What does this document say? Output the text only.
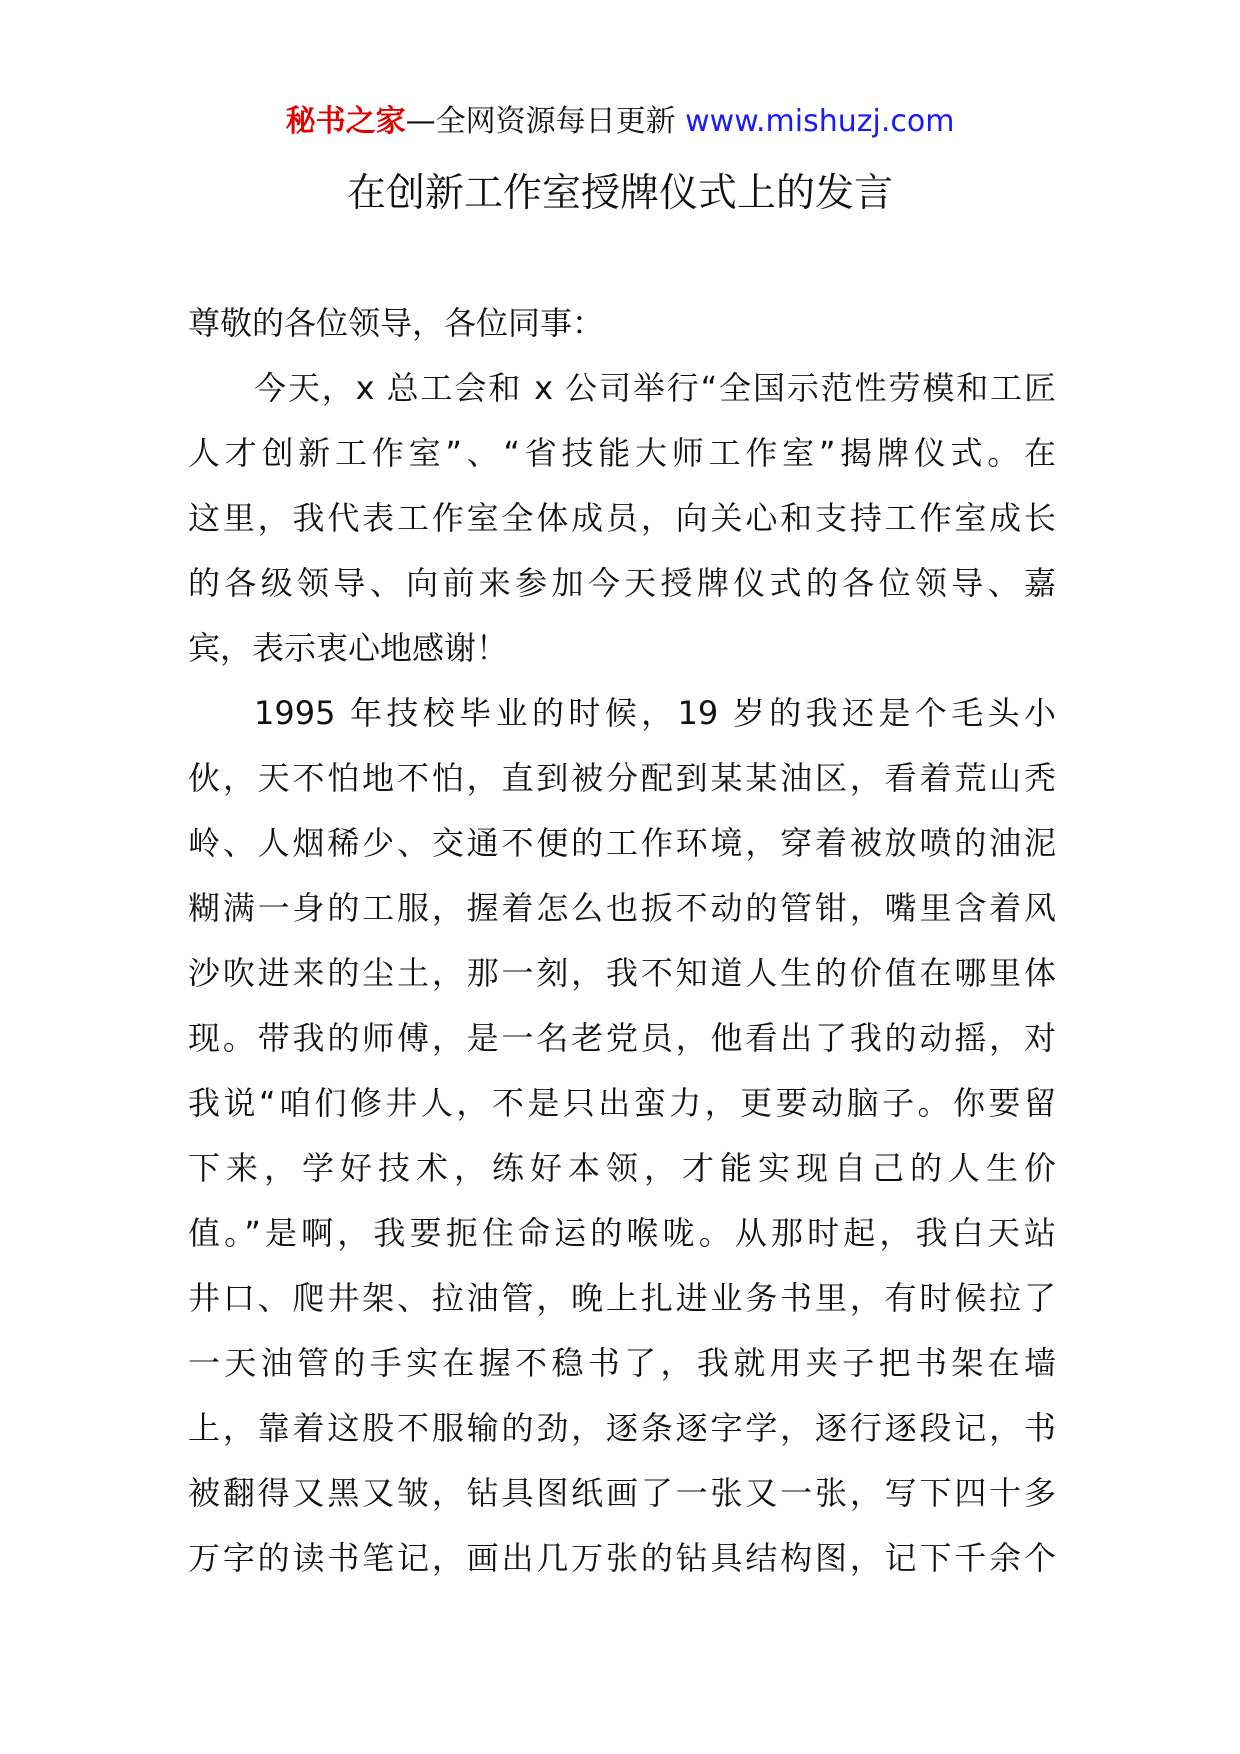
秘书之家—全网资源每日更新 www.mishuzj.com
在创新工作室授牌仪式上的发言
尊敬的各位领导，各位同事：
今天，x 总工会和 x 公司举行“全国示范性劳模和工匠
人才创新工作室”、“省技能大师工作室”揭牌仪式。在
这里，我代表工作室全体成员，向关心和支持工作室成长
的各级领导、向前来参加今天授牌仪式的各位领导、嘉
宾，表示衷心地感谢！
1995 年技校毕业的时候，19 岁的我还是个毛头小
伙，天不怕地不怕，直到被分配到某某油区，看着荒山秃
岭、人烟稀少、交通不便的工作环境，穿着被放喷的油泥
糊满一身的工服，握着怎么也扳不动的管钳，嘴里含着风
沙吹进来的尘土，那一刻，我不知道人生的价值在哪里体
现。带我的师傅，是一名老党员，他看出了我的动摇，对
我说“咱们修井人，不是只出蛮力，更要动脑子。你要留
下来，学好技术，练好本领，才能实现自己的人生价
值。”是啊，我要扼住命运的喉咙。从那时起，我白天站
井口、爬井架、拉油管，晚上扎进业务书里，有时候拉了
一天油管的手实在握不稳书了，我就用夹子把书架在墙
上，靠着这股不服输的劲，逐条逐字学，逐行逐段记，书
被翻得又黑又皱，钻具图纸画了一张又一张，写下四十多
万字的读书笔记，画出几万张的钻具结构图，记下千余个
